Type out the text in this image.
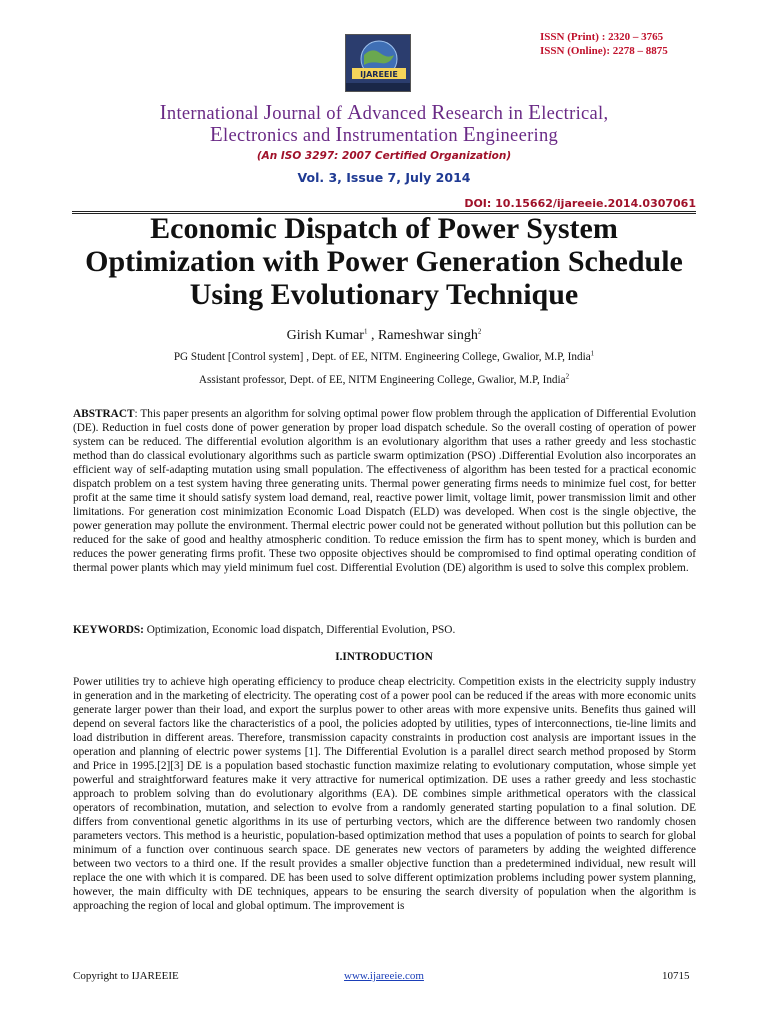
IJAREEIE
ISSN (Print) : 2320 – 3765
ISSN (Online): 2278 – 8875
International Journal of Advanced Research in Electrical,
Electronics and Instrumentation Engineering
(An ISO 3297: 2007 Certified Organization)
Vol. 3, Issue 7, July 2014
DOI: 10.15662/ijareeie.2014.0307061
Economic Dispatch of Power System
Optimization with Power Generation Schedule
Using Evolutionary Technique
Girish Kumar$^1$ , Rameshwar singh$^2$
PG Student [Control system] , Dept. of EE, NITM. Engineering College, Gwalior, M.P, India$^1$
Assistant professor, Dept. of EE, NITM Engineering College, Gwalior, M.P, India$^2$
ABSTRACT: This paper presents an algorithm for solving optimal power flow problem through the application of Differential Evolution (DE). Reduction in fuel costs done of power generation by proper load dispatch schedule. So the overall costing of operation of power system can be reduced. The differential evolution algorithm is an evolutionary algorithm that uses a rather greedy and less stochastic method than do classical evolutionary algorithms such as particle swarm optimization (PSO) .Differential Evolution also incorporates an efficient way of self-adapting mutation using small population. The effectiveness of algorithm has been tested for a practical economic dispatch problem on a test system having three generating units. Thermal power generating firms needs to minimize fuel cost, for better profit at the same time it should satisfy system load demand, real, reactive power limit, voltage limit, power transmission limit and other limitations. For generation cost minimization Economic Load Dispatch (ELD) was developed. When cost is the single objective, the power generation may pollute the environment. Thermal electric power could not be generated without pollution but this pollution can be reduced for the sake of good and healthy atmospheric condition. To reduce emission the firm has to spent money, which is burden and reduces the power generating firms profit. These two opposite objectives should be compromised to find optimal operating condition of thermal power plants which may yield minimum fuel cost. Differential Evolution (DE) algorithm is used to solve this complex problem.
KEYWORDS: Optimization, Economic load dispatch, Differential Evolution, PSO.
I.INTRODUCTION
Power utilities try to achieve high operating efficiency to produce cheap electricity. Competition exists in the electricity supply industry in generation and in the marketing of electricity. The operating cost of a power pool can be reduced if the areas with more economic units generate larger power than their load, and export the surplus power to other areas with more expensive units. Benefits thus gained will depend on several factors like the characteristics of a pool, the policies adopted by utilities, types of interconnections, tie-line limits and load distribution in different areas. Therefore, transmission capacity constraints in production cost analysis are important issues in the operation and planning of electric power systems [1]. The Differential Evolution is a parallel direct search method proposed by Storm and Price in 1995.[2][3] DE is a population based stochastic function maximize relating to evolutionary computation, whose simple yet powerful and straightforward features make it very attractive for numerical optimization. DE uses a rather greedy and less stochastic approach to problem solving than do evolutionary algorithms (EA). DE combines simple arithmetical operators with the classical operators of recombination, mutation, and selection to evolve from a randomly generated starting population to a final solution. DE differs from conventional genetic algorithms in its use of perturbing vectors, which are the difference between two randomly chosen parameters vectors. This method is a heuristic, population-based optimization method that uses a population of points to search for global minimum of a function over continuous search space. DE generates new vectors of parameters by adding the weighted difference between two vectors to a third one. If the result provides a smaller objective function than a predetermined individual, new result will replace the one with which it is compared. DE has been used to solve different optimization problems including power system planning, however, the main difficulty with DE techniques, appears to be ensuring the search diversity of population when the algorithm is approaching the region of local and global optimum. The improvement is
Copyright to IJAREEIE	www.ijareeie.com	10715
